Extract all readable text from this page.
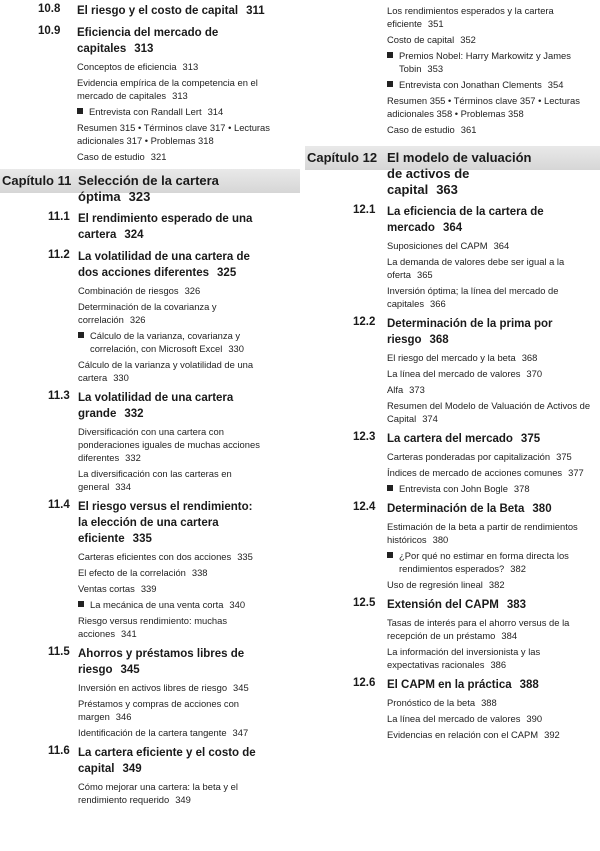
10.8 El riesgo y el costo de capital 311
10.9 Eficiencia del mercado de capitales 313
Conceptos de eficiencia 313
Evidencia empírica de la competencia en el mercado de capitales 313
Entrevista con Randall Lert 314
Resumen 315 • Términos clave 317 • Lecturas adicionales 317 • Problemas 318
Caso de estudio 321
Capítulo 11 Selección de la cartera óptima 323
11.1 El rendimiento esperado de una cartera 324
11.2 La volatilidad de una cartera de dos acciones diferentes 325
Combinación de riesgos 326
Determinación de la covarianza y correlación 326
Cálculo de la varianza, covarianza y correlación, con Microsoft Excel 330
Cálculo de la varianza y volatilidad de una cartera 330
11.3 La volatilidad de una cartera grande 332
Diversificación con una cartera con ponderaciones iguales de muchas acciones diferentes 332
La diversificación con las carteras en general 334
11.4 El riesgo versus el rendimiento: la elección de una cartera eficiente 335
Carteras eficientes con dos acciones 335
El efecto de la correlación 338
Ventas cortas 339
La mecánica de una venta corta 340
Riesgo versus rendimiento: muchas acciones 341
11.5 Ahorros y préstamos libres de riesgo 345
Inversión en activos libres de riesgo 345
Préstamos y compras de acciones con margen 346
Identificación de la cartera tangente 347
11.6 La cartera eficiente y el costo de capital 349
Cómo mejorar una cartera: la beta y el rendimiento requerido 349
Los rendimientos esperados y la cartera eficiente 351
Costo de capital 352
Premios Nobel: Harry Markowitz y James Tobin 353
Entrevista con Jonathan Clements 354
Resumen 355 • Términos clave 357 • Lecturas adicionales 358 • Problemas 358
Caso de estudio 361
Capítulo 12 El modelo de valuación de activos de capital 363
12.1 La eficiencia de la cartera de mercado 364
Suposiciones del CAPM 364
La demanda de valores debe ser igual a la oferta 365
Inversión óptima; la línea del mercado de capitales 366
12.2 Determinación de la prima por riesgo 368
El riesgo del mercado y la beta 368
La línea del mercado de valores 370
Alfa 373
Resumen del Modelo de Valuación de Activos de Capital 374
12.3 La cartera del mercado 375
Carteras ponderadas por capitalización 375
Índices de mercado de acciones comunes 377
Entrevista con John Bogle 378
12.4 Determinación de la Beta 380
Estimación de la beta a partir de rendimientos históricos 380
¿Por qué no estimar en forma directa los rendimientos esperados? 382
Uso de regresión lineal 382
12.5 Extensión del CAPM 383
Tasas de interés para el ahorro versus de la recepción de un préstamo 384
La información del inversionista y las expectativas racionales 386
12.6 El CAPM en la práctica 388
Pronóstico de la beta 388
La línea del mercado de valores 390
Evidencias en relación con el CAPM 392
